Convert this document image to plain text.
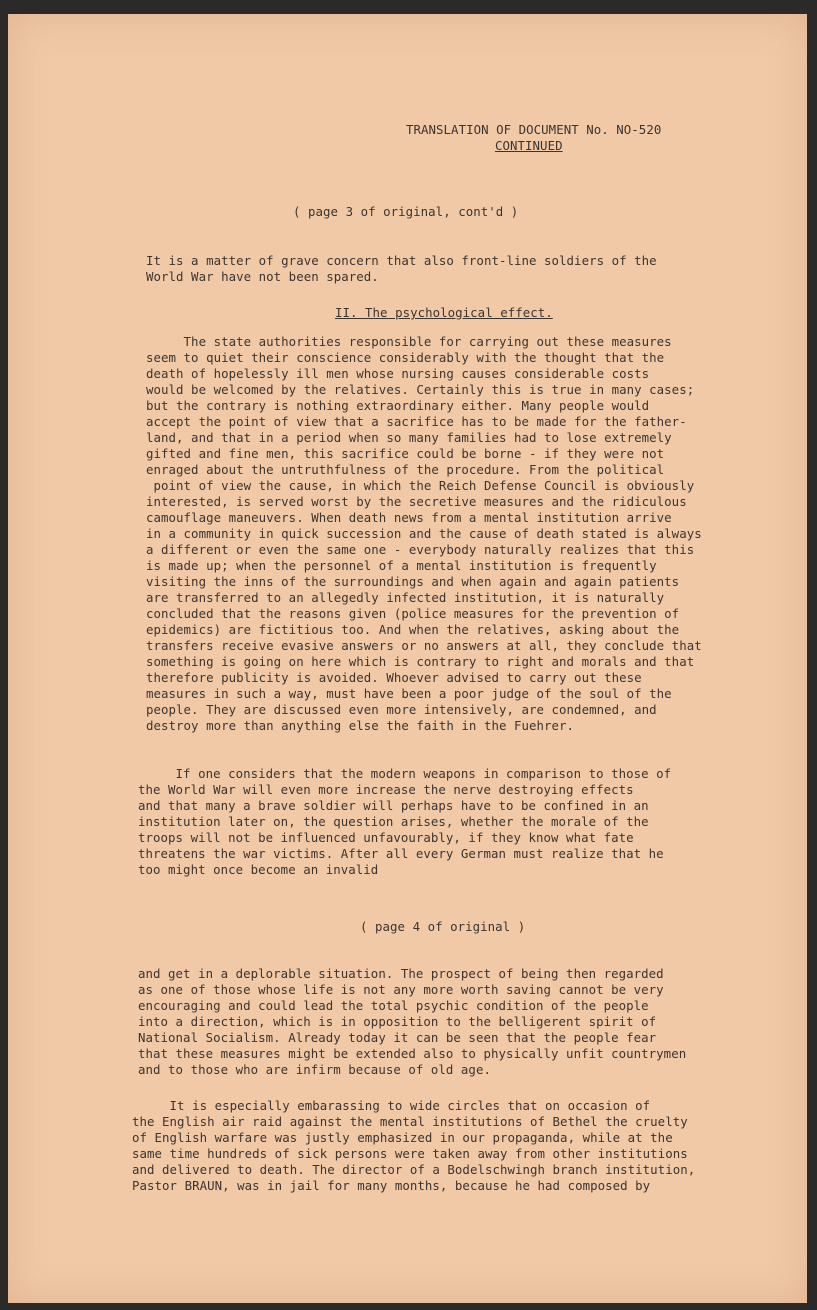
TRANSLATION OF DOCUMENT No. NO-520
CONTINUED
( page 3 of original, cont'd )
It is a matter of grave concern that also front-line soldiers of the
World War have not been spared.
II. The psychological effect.
The state authorities responsible for carrying out these measures
seem to quiet their conscience considerably with the thought that the
death of hopelessly ill men whose nursing causes considerable costs
would be welcomed by the relatives. Certainly this is true in many cases;
but the contrary is nothing extraordinary either. Many people would
accept the point of view that a sacrifice has to be made for the father-
land, and that in a period when so many families had to lose extremely
gifted and fine men, this sacrifice could be borne - if they were not
enraged about the untruthfulness of the procedure. From the political
point of view the cause, in which the Reich Defense Council is obviously
interested, is served worst by the secretive measures and the ridiculous
camouflage maneuvers. When death news from a mental institution arrive
in a community in quick succession and the cause of death stated is always
a different or even the same one - everybody naturally realizes that this
is made up; when the personnel of a mental institution is frequently
visiting the inns of the surroundings and when again and again patients
are transferred to an allegedly infected institution, it is naturally
concluded that the reasons given (police measures for the prevention of
epidemics) are fictitious too. And when the relatives, asking about the
transfers receive evasive answers or no answers at all, they conclude that
something is going on here which is contrary to right and morals and that
therefore publicity is avoided. Whoever advised to carry out these
measures in such a way, must have been a poor judge of the soul of the
people. They are discussed even more intensively, are condemned, and
destroy more than anything else the faith in the Fuehrer.
If one considers that the modern weapons in comparison to those of
the World War will even more increase the nerve destroying effects
and that many a brave soldier will perhaps have to be confined in an
institution later on, the question arises, whether the morale of the
troops will not be influenced unfavourably, if they know what fate
threatens the war victims. After all every German must realize that he
too might once become an invalid
( page 4 of original )
and get in a deplorable situation. The prospect of being then regarded
as one of those whose life is not any more worth saving cannot be very
encouraging and could lead the total psychic condition of the people
into a direction, which is in opposition to the belligerent spirit of
National Socialism. Already today it can be seen that the people fear
that these measures might be extended also to physically unfit countrymen
and to those who are infirm because of old age.
It is especially embarassing to wide circles that on occasion of
the English air raid against the mental institutions of Bethel the cruelty
of English warfare was justly emphasized in our propaganda, while at the
same time hundreds of sick persons were taken away from other institutions
and delivered to death. The director of a Bodelschwingh branch institution,
Pastor BRAUN, was in jail for many months, because he had composed by
